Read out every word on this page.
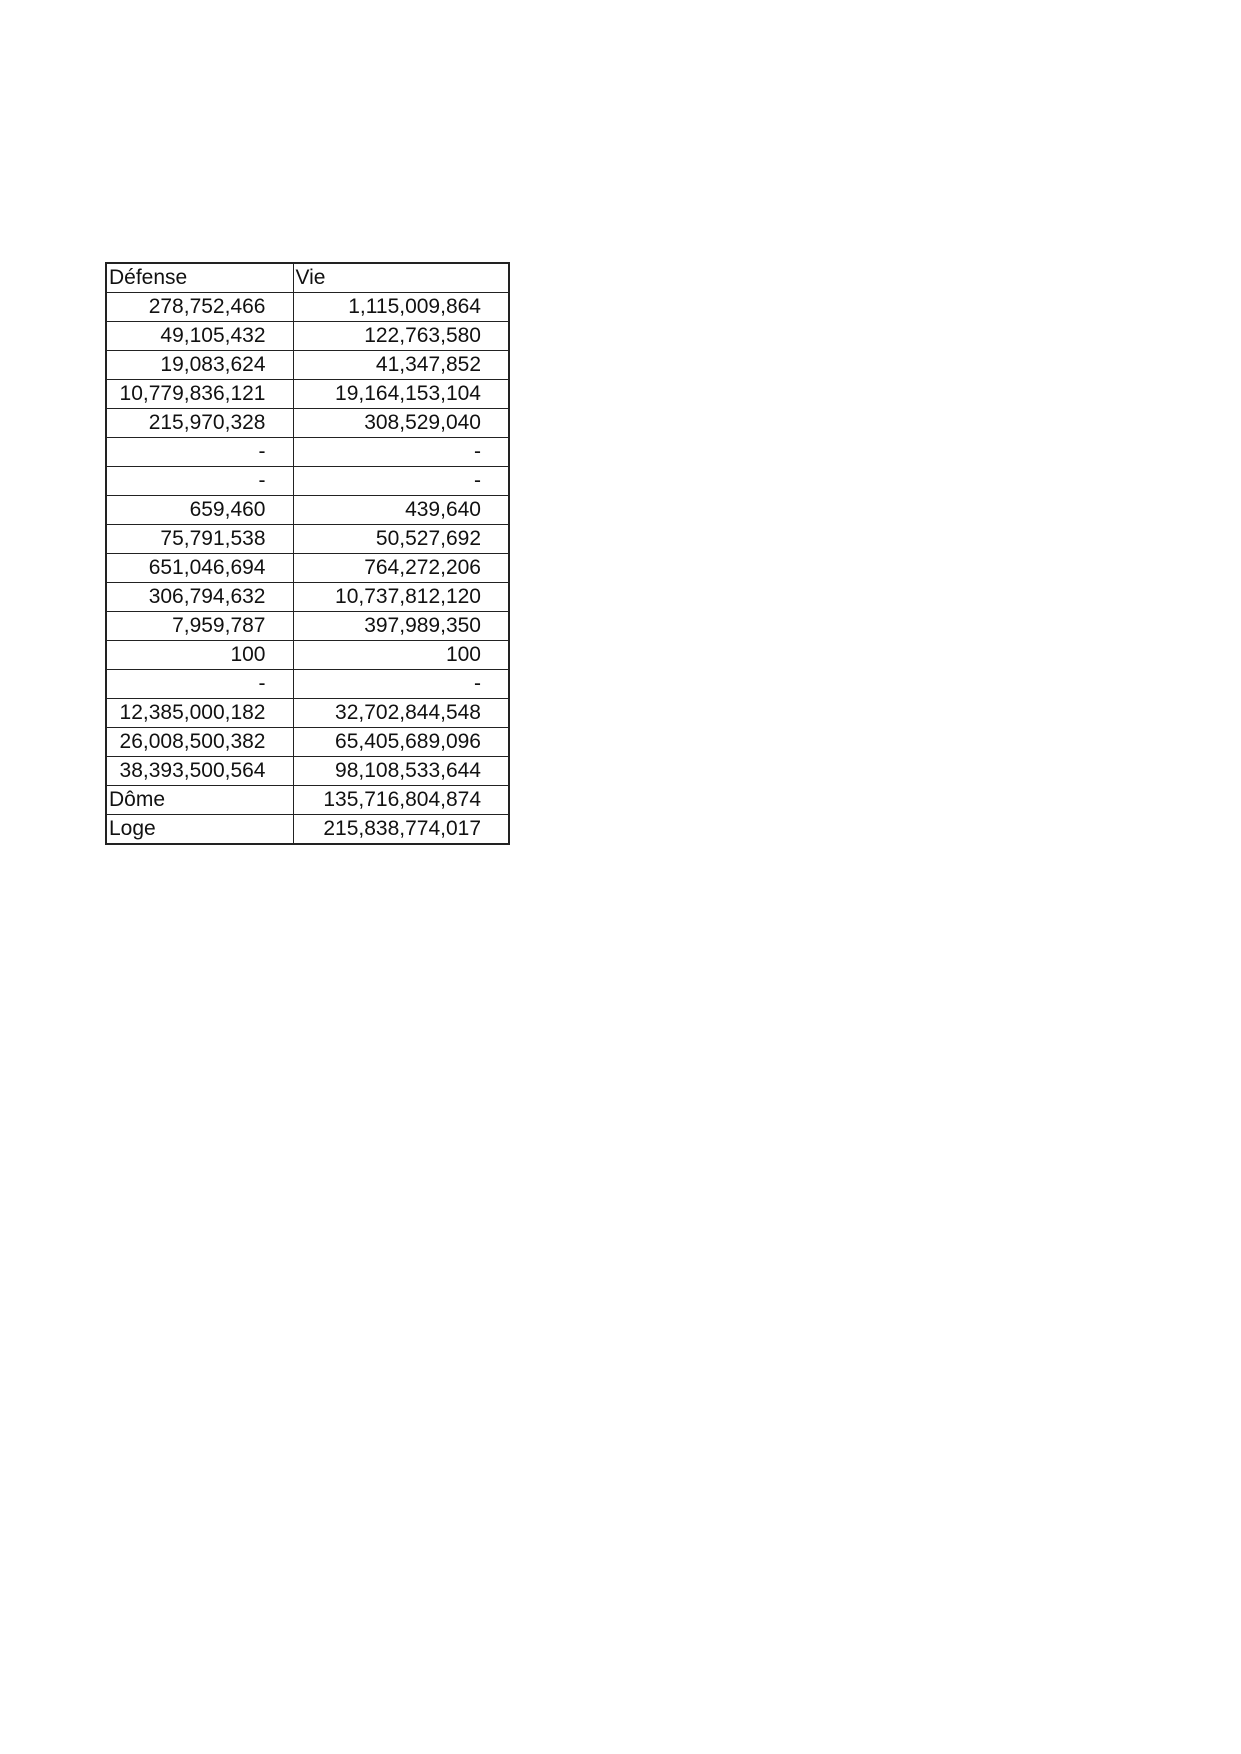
Défense	Vie
278,752,466	1,115,009,864
49,105,432	122,763,580
19,083,624	41,347,852
10,779,836,121	19,164,153,104
215,970,328	308,529,040
-	-
-	-
659,460	439,640
75,791,538	50,527,692
651,046,694	764,272,206
306,794,632	10,737,812,120
7,959,787	397,989,350
100	100
-	-
12,385,000,182	32,702,844,548
26,008,500,382	65,405,689,096
38,393,500,564	98,108,533,644
Dôme	135,716,804,874
Loge	215,838,774,017
